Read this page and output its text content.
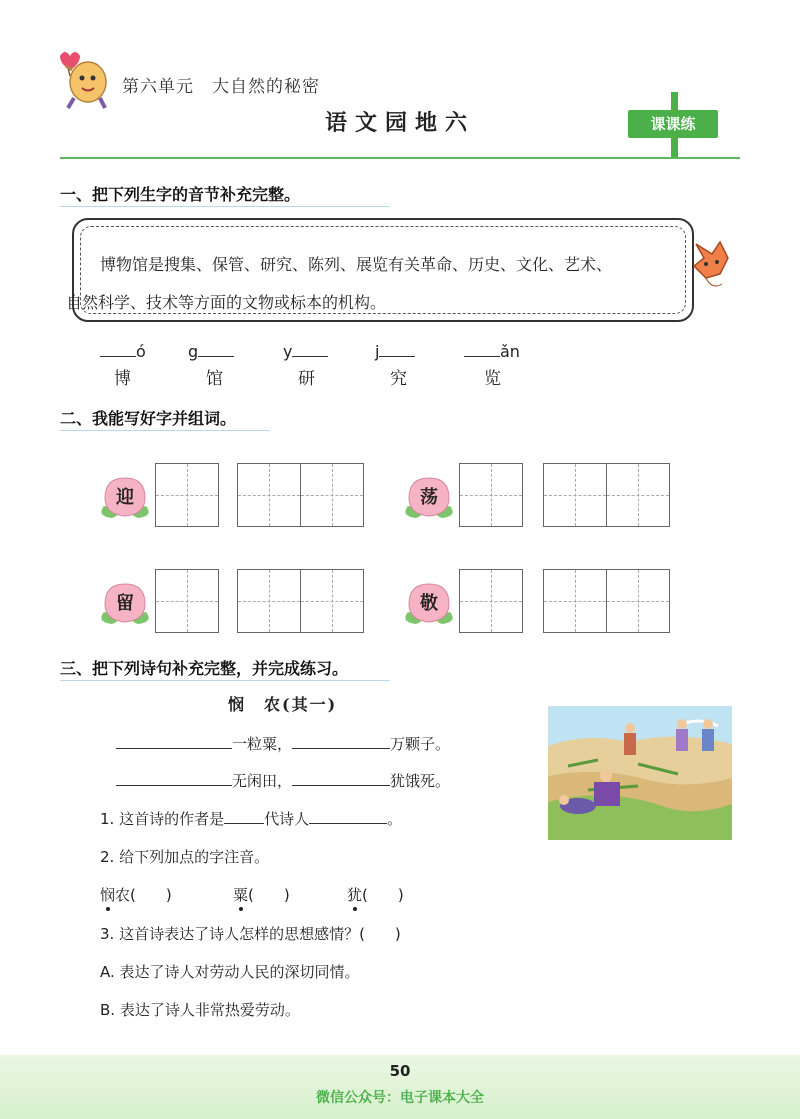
第六单元　大自然的秘密
语文园地六	课课练
一、把下列生字的音节补充完整。
博物馆是搜集、保管、研究、陈列、展览有关革命、历史、文化、艺术、
自然科学、技术等方面的文物或标本的机构。
ó
博
g
馆
y
研
j
究
ǎn
览
二、我能写好字并组词。
迎	荡
留	敬
三、把下列诗句补充完整，并完成练习。
悯　农(其一)
一粒粟，	万颗子。
无闲田，	犹饿死。
1. 这首诗的作者是	代诗人	。
2. 给下列加点的字注音。
悯农(　　)	粟(　　)	犹(　　)
3. 这首诗表达了诗人怎样的思想感情？(　　)
A. 表达了诗人对劳动人民的深切同情。
B. 表达了诗人非常热爱劳动。
50
微信公众号：电子课本大全
